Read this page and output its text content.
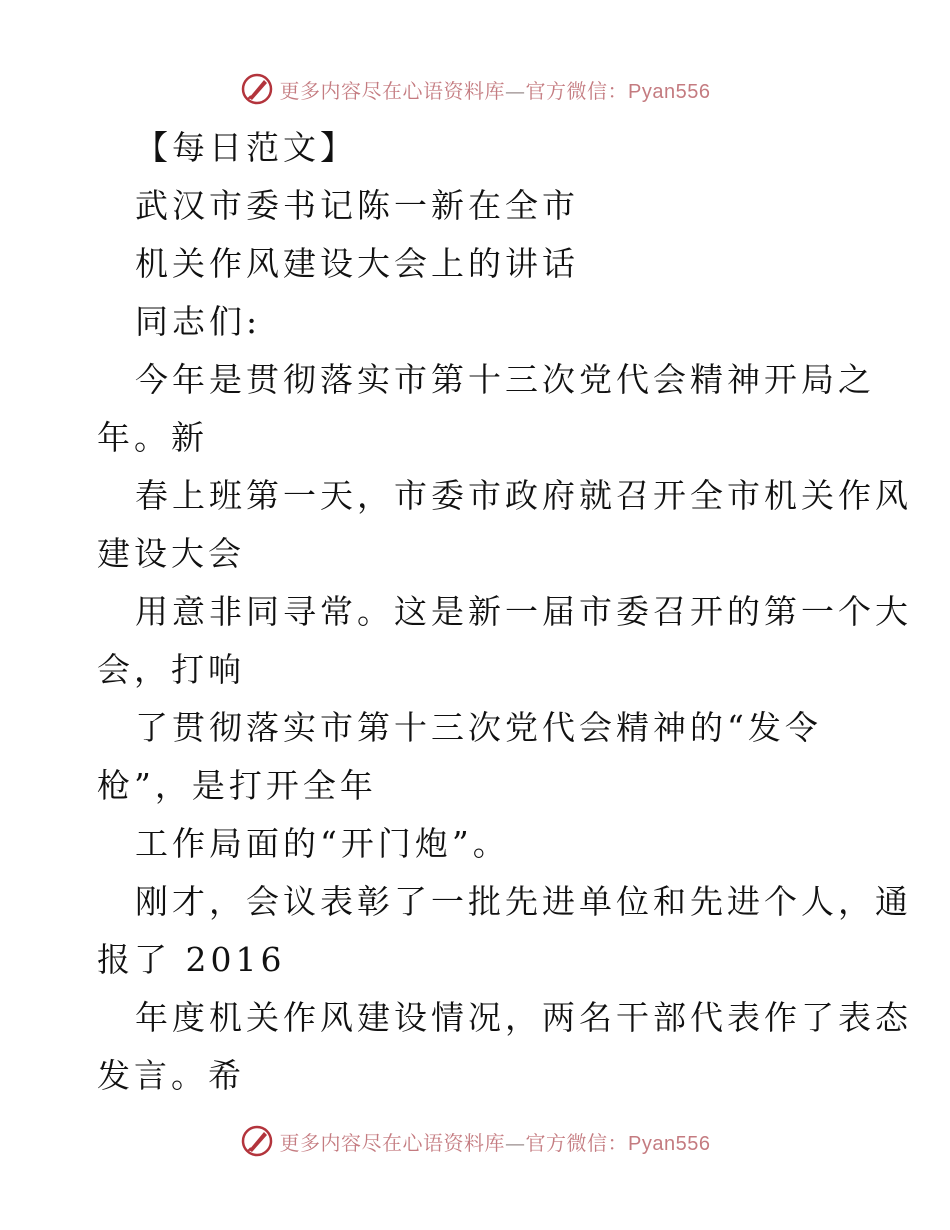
更多内容尽在心语资料库—官方微信：Pyan556
【每日范文】
武汉市委书记陈一新在全市
机关作风建设大会上的讲话
同志们:
今年是贯彻落实市第十三次党代会精神开局之
年。新
春上班第一天，市委市政府就召开全市机关作风
建设大会
用意非同寻常。这是新一届市委召开的第一个大
会，打响
了贯彻落实市第十三次党代会精神的“发令
枪”，是打开全年
工作局面的“开门炮”。
刚才，会议表彰了一批先进单位和先进个人，通
报了 2016
年度机关作风建设情况，两名干部代表作了表态
发言。希
更多内容尽在心语资料库—官方微信：Pyan556
